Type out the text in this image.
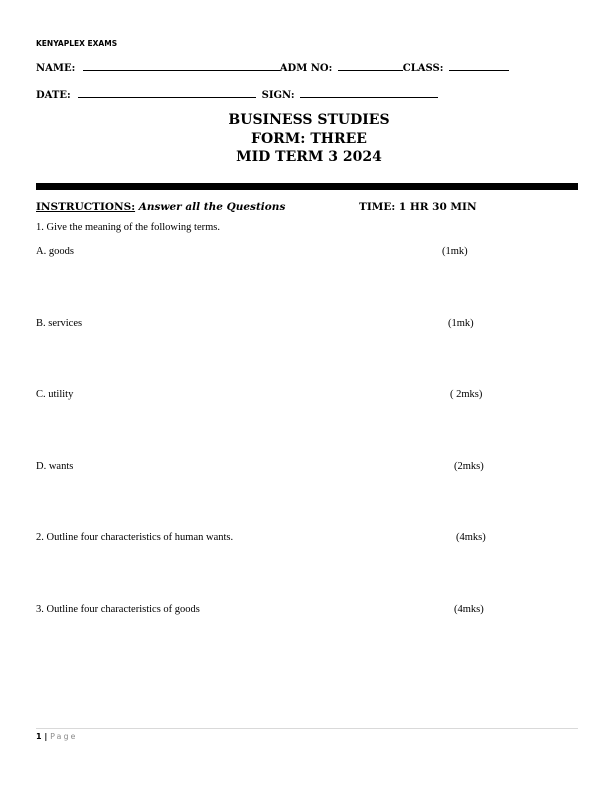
KENYAPLEX EXAMS
NAME:	ADM NO:	CLASS:
DATE:	SIGN:
BUSINESS STUDIES
FORM: THREE
MID TERM 3 2024
INSTRUCTIONS: Answer all the Questions	TIME: 1 HR 30 MIN
1. Give the meaning of the following terms.
A. goods	(1mk)
B. services	(1mk)
C. utility	( 2mks)
D. wants	(2mks)
2. Outline four characteristics of human wants.	(4mks)
3. Outline four characteristics of goods	(4mks)
1 | Page
